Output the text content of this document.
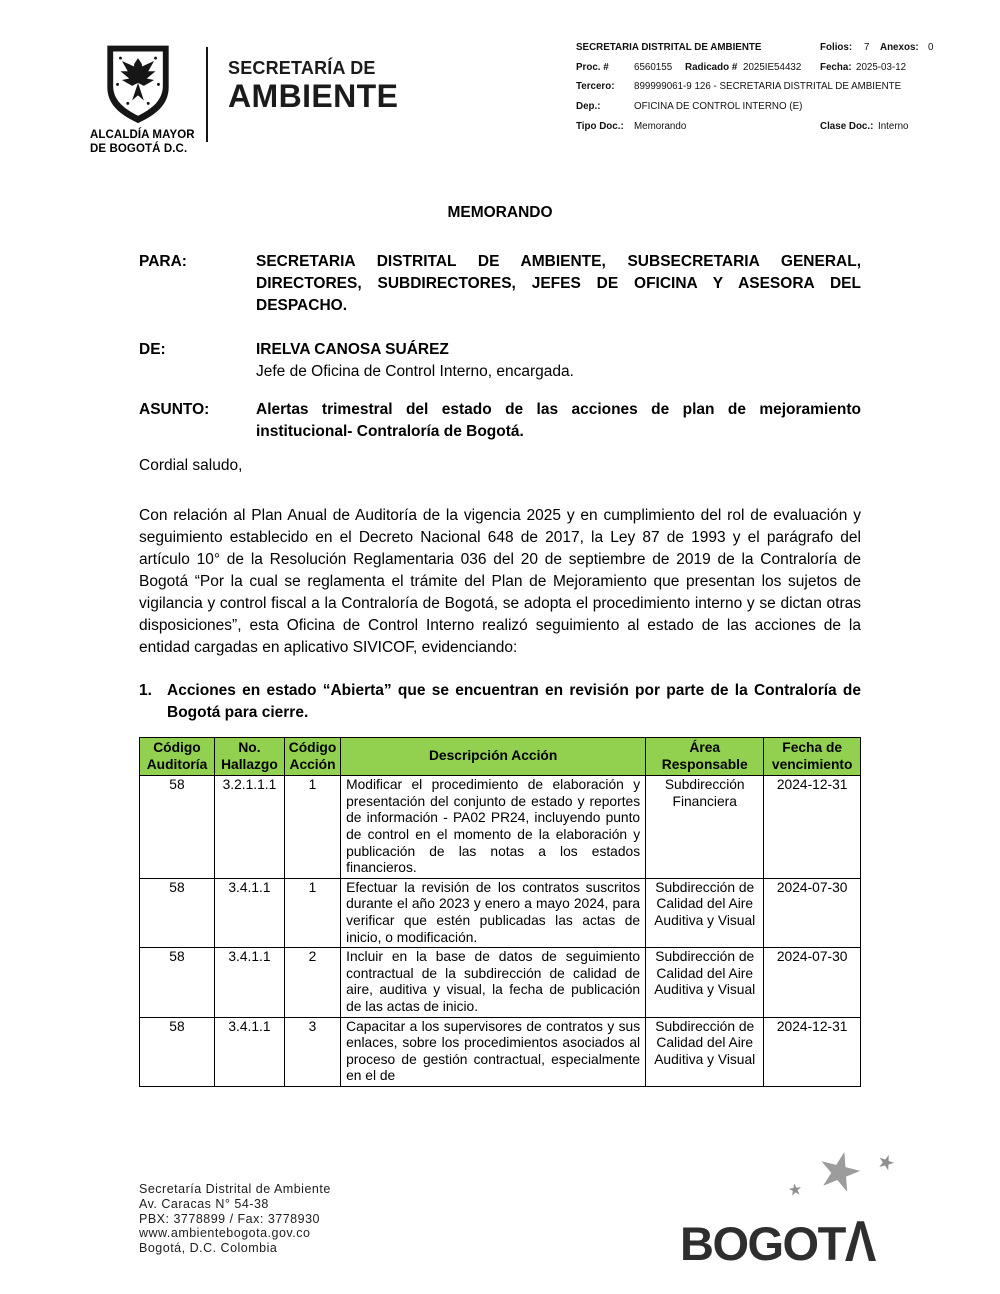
ALCALDÍA MAYOR
DE BOGOTÁ D.C.
SECRETARÍA DE
AMBIENTE
SECRETARIA DISTRITAL DE AMBIENTE	Folios: 7 Anexos: 0
Proc. #	6560155 Radicado # 2025IE54432 Fecha: 2025-03-12
Tercero: 899999061-9 126 - SECRETARIA DISTRITAL DE AMBIENTE
Dep.:	OFICINA DE CONTROL INTERNO (E)
Tipo Doc.: Memorando	Clase Doc.: Interno
MEMORANDO
PARA:	SECRETARIA DISTRITAL DE AMBIENTE, SUBSECRETARIA GENERAL, DIRECTORES, SUBDIRECTORES, JEFES DE OFICINA Y ASESORA DEL DESPACHO.
DE:	IRELVA CANOSA SUÁREZ
Jefe de Oficina de Control Interno, encargada.
ASUNTO:	Alertas trimestral del estado de las acciones de plan de mejoramiento institucional- Contraloría de Bogotá.
Cordial saludo,
Con relación al Plan Anual de Auditoría de la vigencia 2025 y en cumplimiento del rol de evaluación y seguimiento establecido en el Decreto Nacional 648 de 2017, la Ley 87 de 1993 y el parágrafo del artículo 10° de la Resolución Reglamentaria 036 del 20 de septiembre de 2019 de la Contraloría de Bogotá “Por la cual se reglamenta el trámite del Plan de Mejoramiento que presentan los sujetos de vigilancia y control fiscal a la Contraloría de Bogotá, se adopta el procedimiento interno y se dictan otras disposiciones”, esta Oficina de Control Interno realizó seguimiento al estado de las acciones de la entidad cargadas en aplicativo SIVICOF, evidenciando:
1. Acciones en estado “Abierta” que se encuentran en revisión por parte de la Contraloría de Bogotá para cierre.
Código Auditoría	No. Hallazgo	Código Acción	Descripción Acción	Área Responsable	Fecha de vencimiento
58	3.2.1.1.1	1	Modificar el procedimiento de elaboración y presentación del conjunto de estado y reportes de información - PA02 PR24, incluyendo punto de control en el momento de la elaboración y publicación de las notas a los estados financieros.	Subdirección Financiera	2024-12-31
58	3.4.1.1	1	Efectuar la revisión de los contratos suscritos durante el año 2023 y enero a mayo 2024, para verificar que estén publicadas las actas de inicio, o modificación.	Subdirección de Calidad del Aire Auditiva y Visual	2024-07-30
58	3.4.1.1	2	Incluir en la base de datos de seguimiento contractual de la subdirección de calidad de aire, auditiva y visual, la fecha de publicación de las actas de inicio.	Subdirección de Calidad del Aire Auditiva y Visual	2024-07-30
58	3.4.1.1	3	Capacitar a los supervisores de contratos y sus enlaces, sobre los procedimientos asociados al proceso de gestión contractual, especialmente en el de	Subdirección de Calidad del Aire Auditiva y Visual	2024-12-31
Secretaría Distrital de Ambiente
Av. Caracas N° 54-38
PBX: 3778899 / Fax: 3778930
www.ambientebogota.gov.co
Bogotá, D.C. Colombia
★ ★
★
BOGOTΛ
